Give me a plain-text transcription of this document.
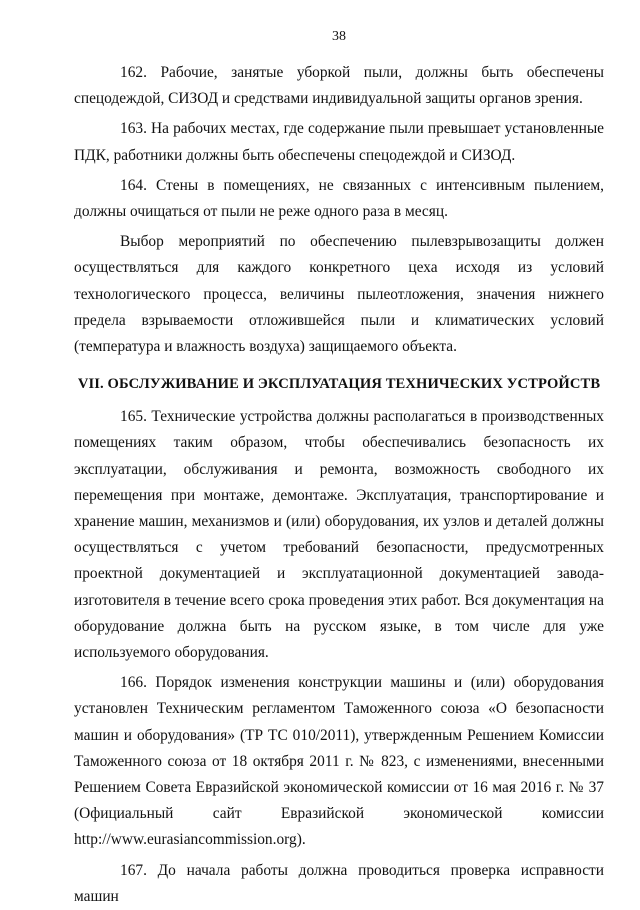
38

162. Рабочие, занятые уборкой пыли, должны быть обеспечены спецодеждой, СИЗОД и средствами индивидуальной защиты органов зрения.

163. На рабочих местах, где содержание пыли превышает установленные ПДК, работники должны быть обеспечены спецодеждой и СИЗОД.

164. Стены в помещениях, не связанных с интенсивным пылением, должны очищаться от пыли не реже одного раза в месяц.

Выбор мероприятий по обеспечению пылевзрывозащиты должен осуществляться для каждого конкретного цеха исходя из условий технологического процесса, величины пылеотложения, значения нижнего предела взрываемости отложившейся пыли и климатических условий (температура и влажность воздуха) защищаемого объекта.

VII. ОБСЛУЖИВАНИЕ И ЭКСПЛУАТАЦИЯ ТЕХНИЧЕСКИХ УСТРОЙСТВ

165. Технические устройства должны располагаться в производственных помещениях таким образом, чтобы обеспечивались безопасность их эксплуатации, обслуживания и ремонта, возможность свободного их перемещения при монтаже, демонтаже. Эксплуатация, транспортирование и хранение машин, механизмов и (или) оборудования, их узлов и деталей должны осуществляться с учетом требований безопасности, предусмотренных проектной документацией и эксплуатационной документацией завода-изготовителя в течение всего срока проведения этих работ. Вся документация на оборудование должна быть на русском языке, в том числе для уже используемого оборудования.

166. Порядок изменения конструкции машины и (или) оборудования установлен Техническим регламентом Таможенного союза «О безопасности машин и оборудования» (ТР ТС 010/2011), утвержденным Решением Комиссии Таможенного союза от 18 октября 2011 г. № 823, с изменениями, внесенными Решением Совета Евразийской экономической комиссии от 16 мая 2016 г. № 37 (Официальный сайт Евразийской экономической комиссии http://www.eurasiancommission.org).

167. До начала работы должна проводиться проверка исправности машин
